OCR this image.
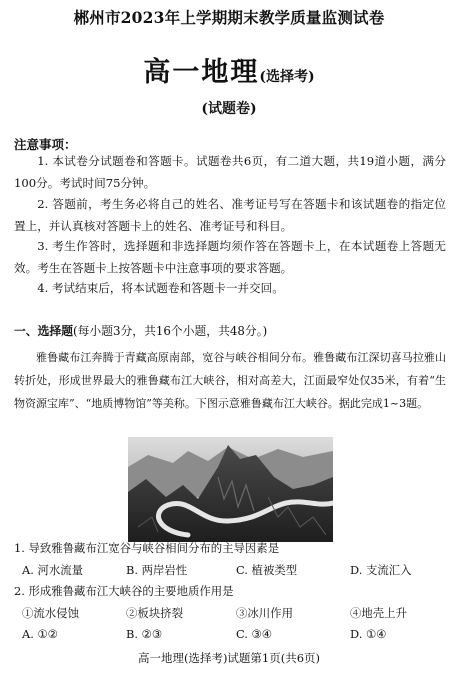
郴州市2023年上学期期末教学质量监测试卷
高一地理(选择考)
(试题卷)
注意事项：
1. 本试卷分试题卷和答题卡。试题卷共6页，有二道大题，共19道小题，满分100分。考试时间75分钟。
2. 答题前，考生务必将自己的姓名、准考证号写在答题卡和该试题卷的指定位置上，并认真核对答题卡上的姓名、准考证号和科目。
3. 考生作答时，选择题和非选择题均须作答在答题卡上，在本试题卷上答题无效。考生在答题卡上按答题卡中注意事项的要求答题。
4. 考试结束后，将本试题卷和答题卡一并交回。
一、选择题(每小题3分，共16个小题，共48分。)
雅鲁藏布江奔腾于青藏高原南部，宽谷与峡谷相间分布。雅鲁藏布江深切喜马拉雅山转折处，形成世界最大的雅鲁藏布江大峡谷，相对高差大，江面最窄处仅35米，有着“生物资源宝库”、“地质博物馆”等美称。下图示意雅鲁藏布江大峡谷。据此完成1~3题。
1. 导致雅鲁藏布江宽谷与峡谷相间分布的主导因素是
A. 河水流量	B. 两岸岩性	C. 植被类型	D. 支流汇入
2. 形成雅鲁藏布江大峡谷的主要地质作用是
①流水侵蚀	②板块挤裂	③冰川作用	④地壳上升
A. ①②	B. ②③	C. ③④	D. ①④
高一地理(选择考)试题第1页(共6页)
